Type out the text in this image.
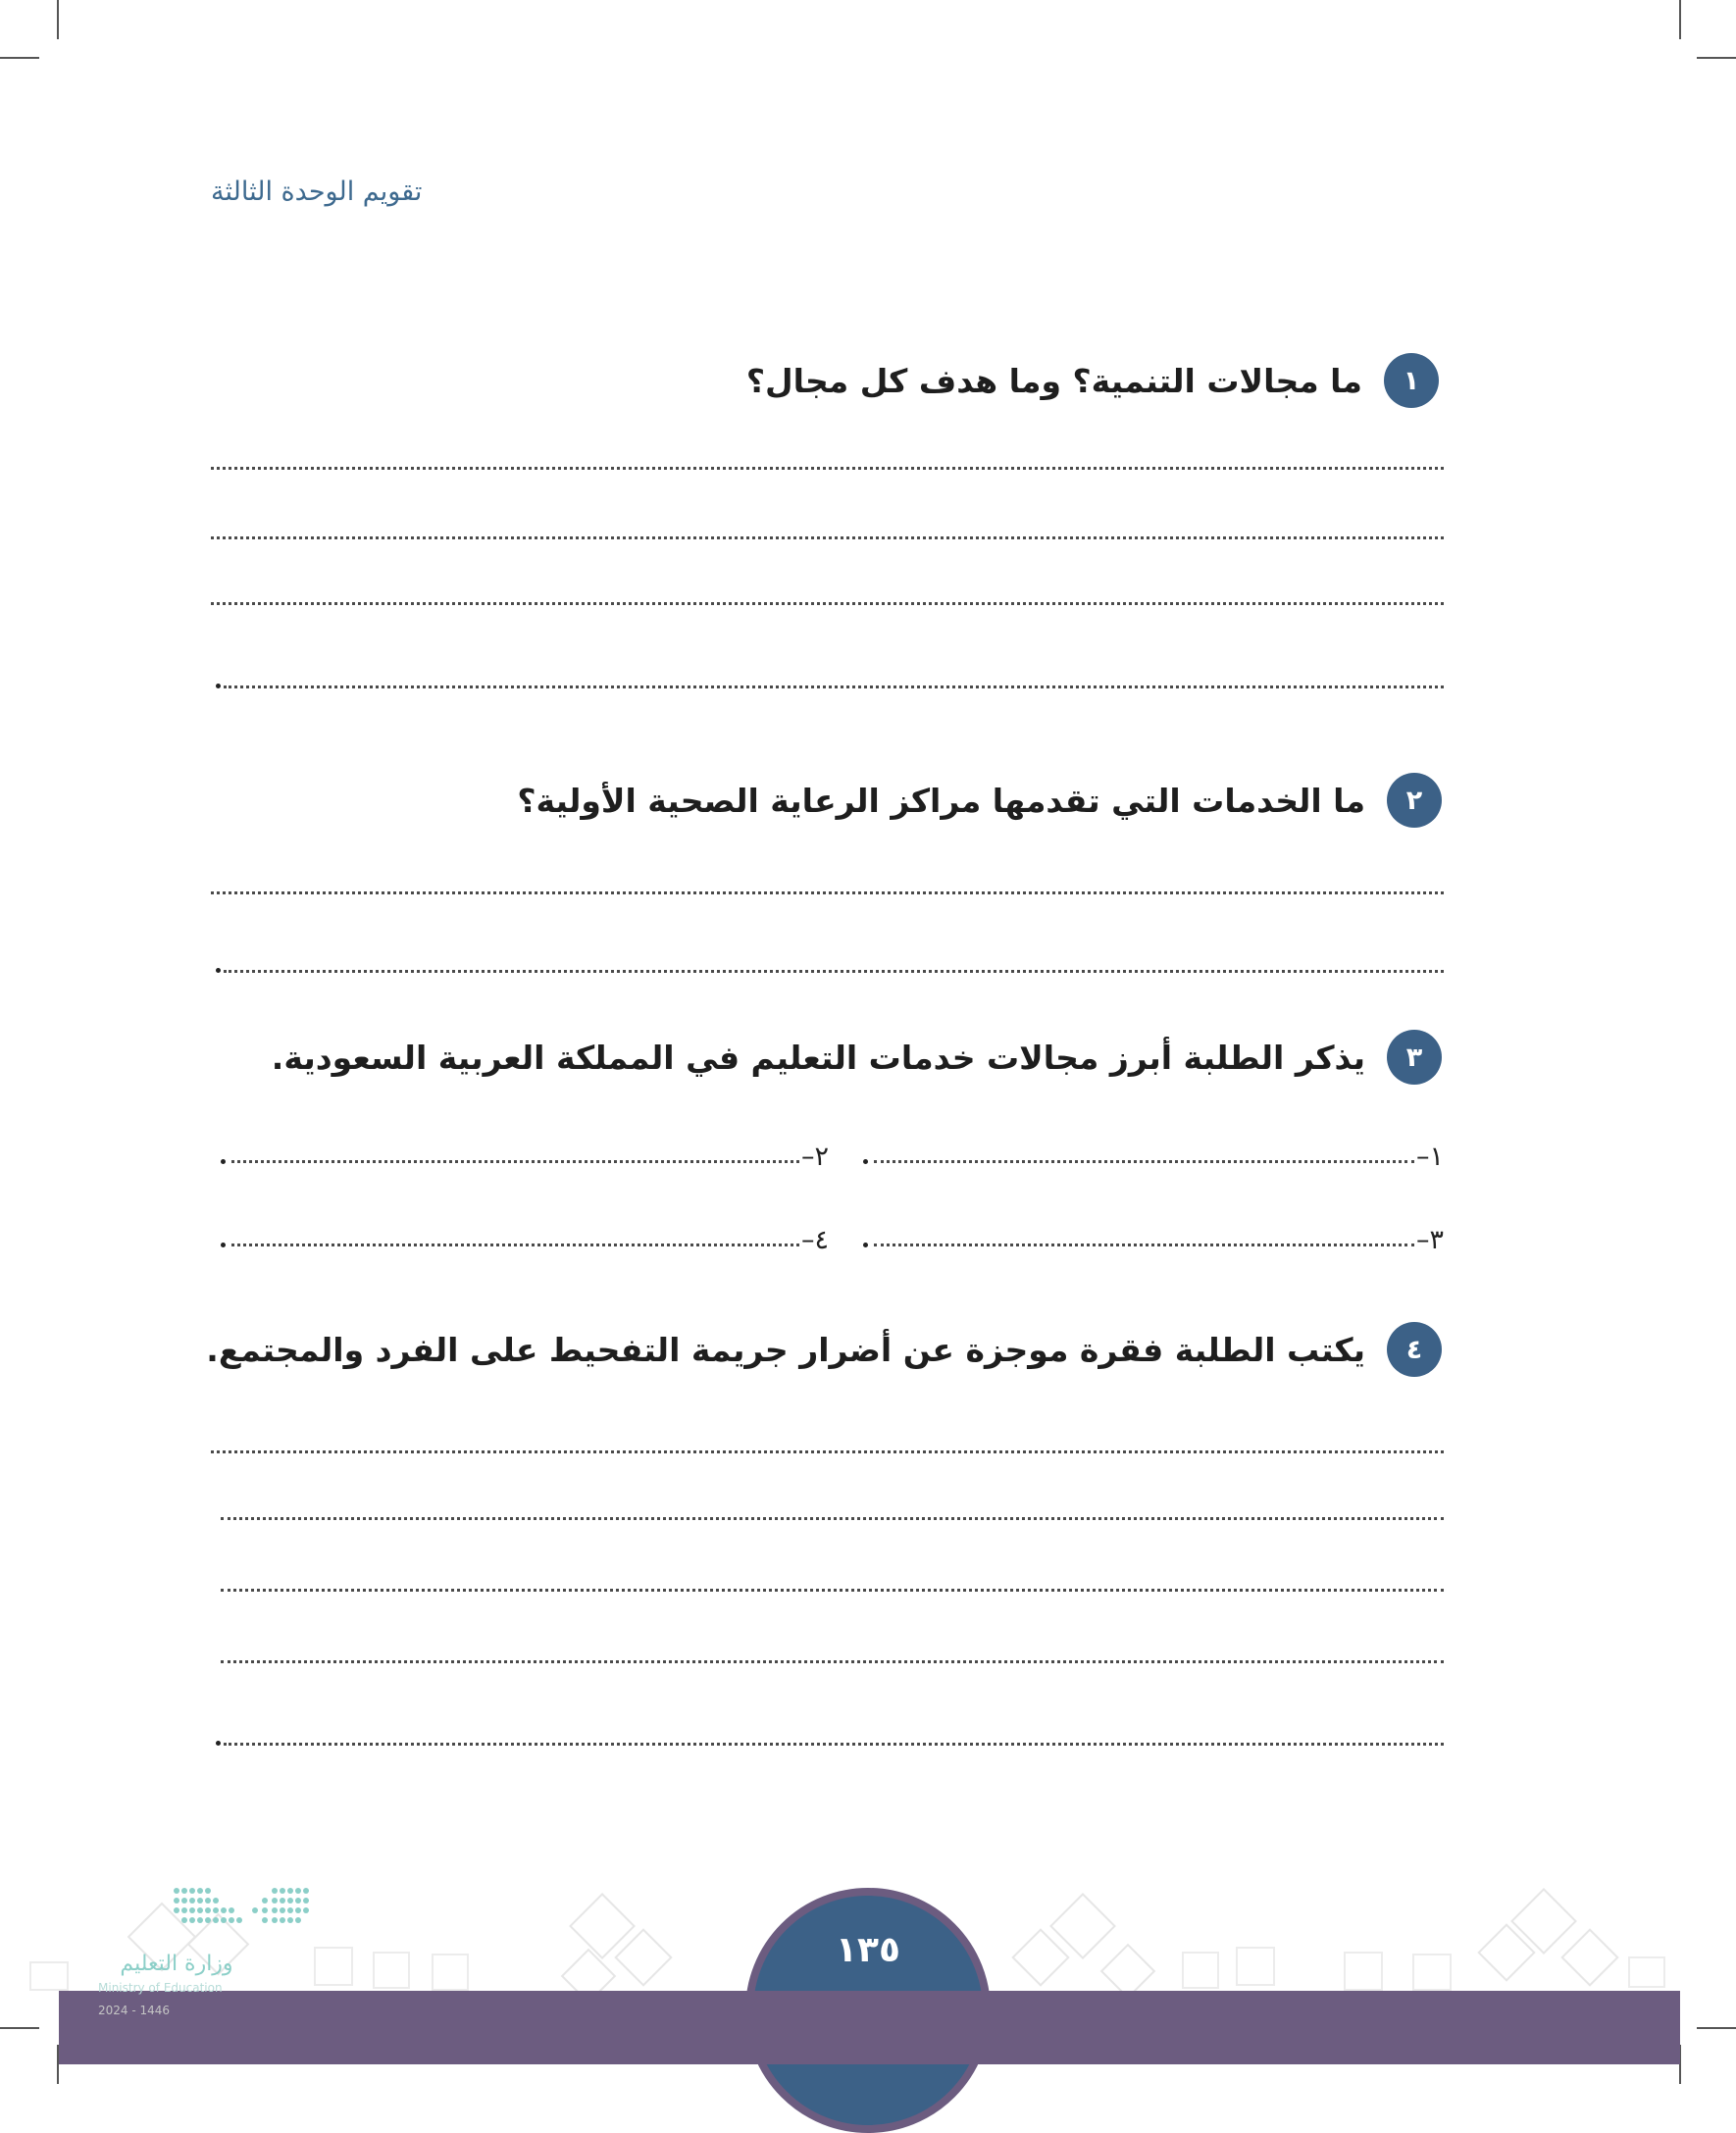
تقويم الوحدة الثالثة
١
ما مجالات التنمية؟ وما هدف كل مجال؟
٢
ما الخدمات التي تقدمها مراكز الرعاية الصحية الأولية؟
٣
يذكر الطلبة أبرز مجالات خدمات التعليم في المملكة العربية السعودية.
١–
٢–
٣–
٤–
٤
يكتب الطلبة فقرة موجزة عن أضرار جريمة التفحيط على الفرد والمجتمع.
١٣٥
وزارة التعليم
Ministry of Education
2024 - 1446
